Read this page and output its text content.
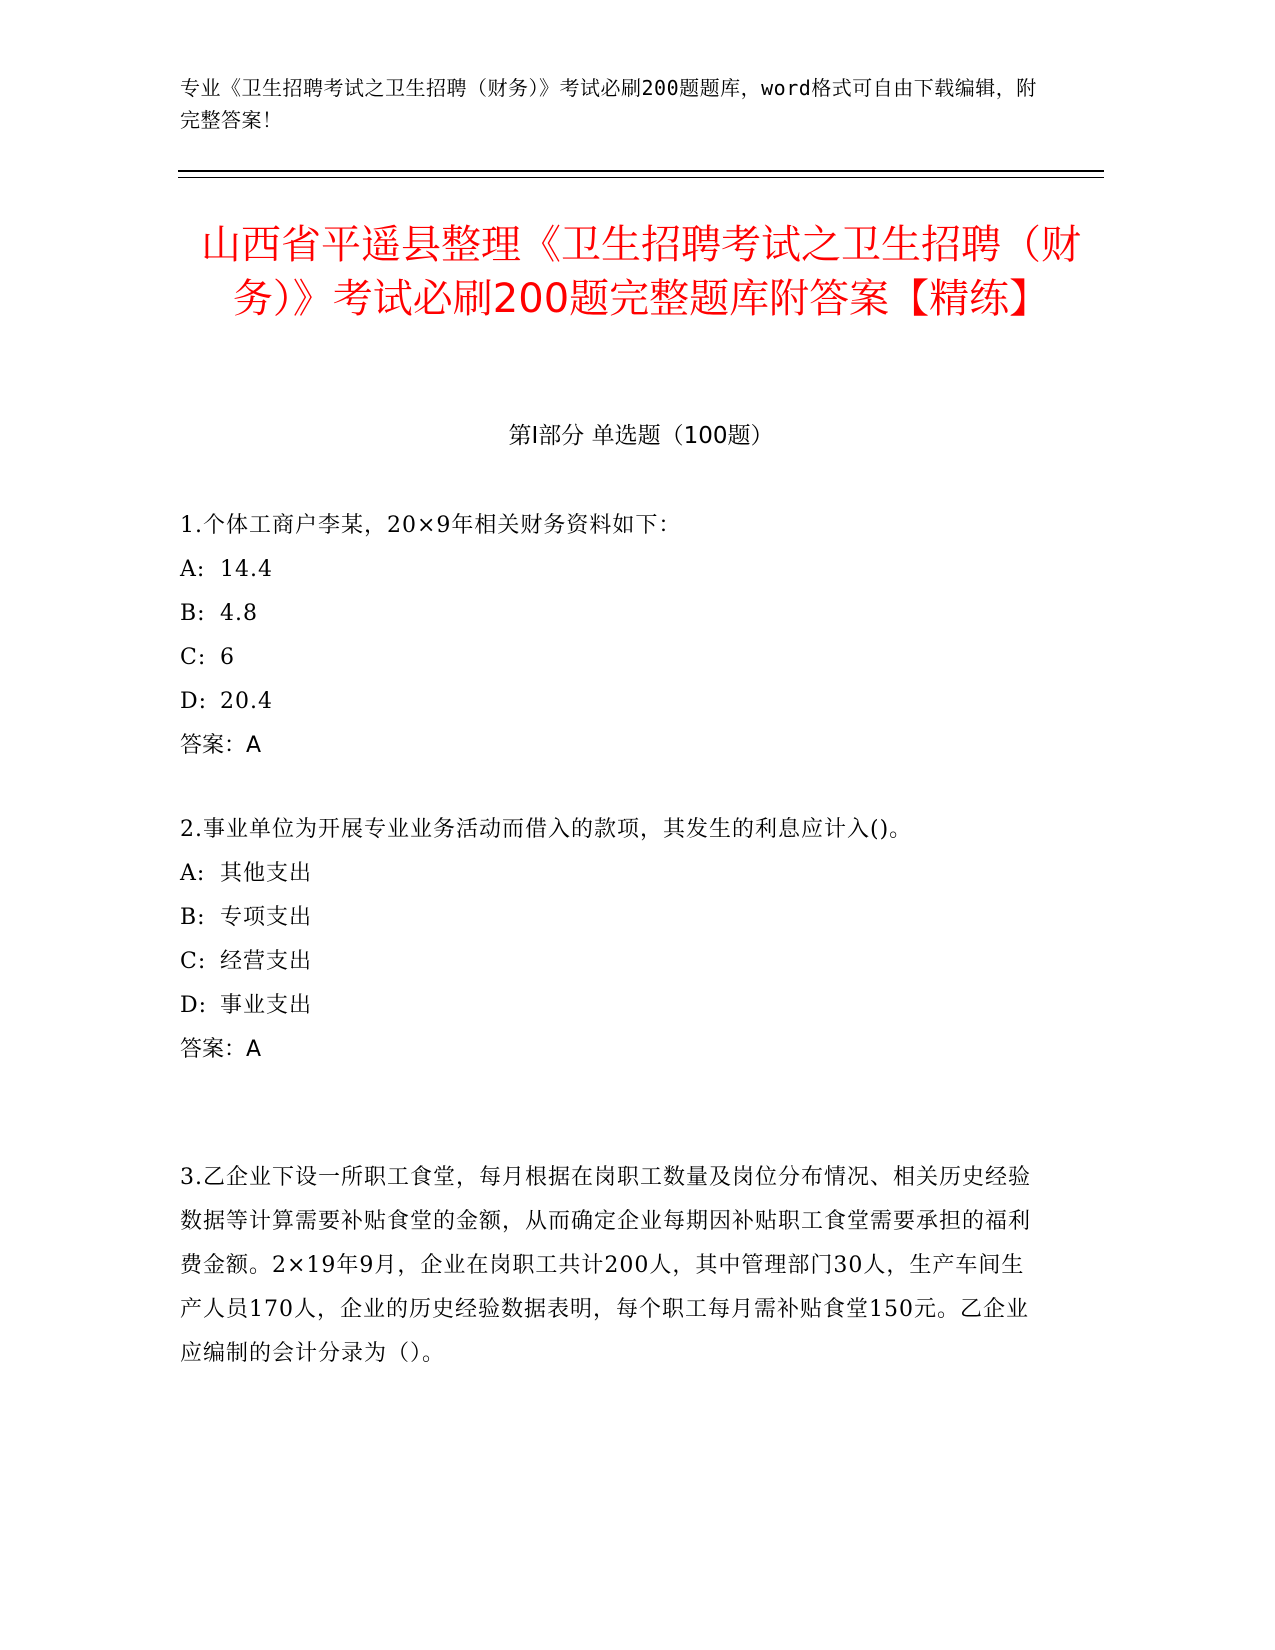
专业《卫生招聘考试之卫生招聘（财务）》考试必刷200题题库，word格式可自由下载编辑，附完整答案！
山西省平遥县整理《卫生招聘考试之卫生招聘（财务）》考试必刷200题完整题库附答案【精练】
第I部分 单选题（100题）
1.个体工商户李某，20×9年相关财务资料如下：
A: 14.4
B: 4.8
C: 6
D: 20.4
答案：A
2.事业单位为开展专业业务活动而借入的款项，其发生的利息应计入()。
A: 其他支出
B: 专项支出
C: 经营支出
D: 事业支出
答案：A
3.乙企业下设一所职工食堂，每月根据在岗职工数量及岗位分布情况、相关历史经验数据等计算需要补贴食堂的金额，从而确定企业每期因补贴职工食堂需要承担的福利费金额。2×19年9月，企业在岗职工共计200人，其中管理部门30人，生产车间生产人员170人，企业的历史经验数据表明，每个职工每月需补贴食堂150元。乙企业应编制的会计分录为（）。
